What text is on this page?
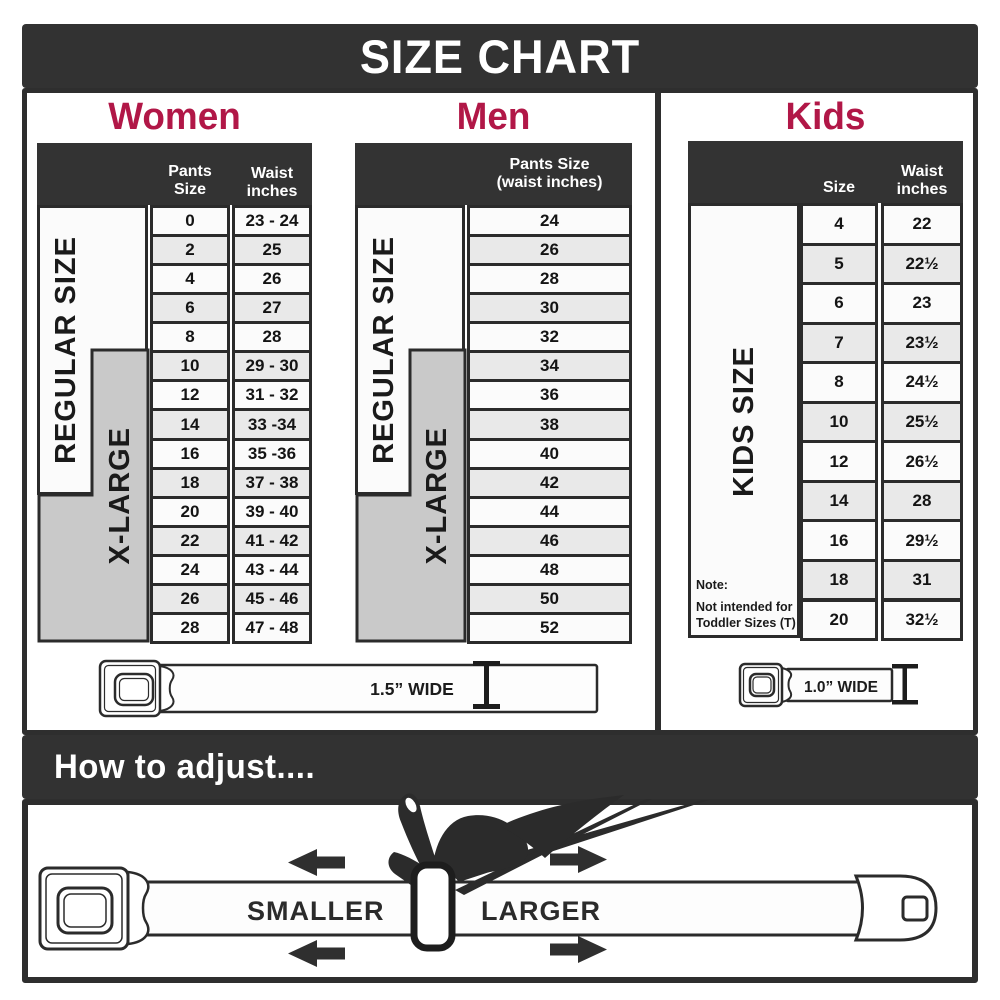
SIZE CHART
Women	Men	Kids
Pants Size
Waist
inches
REGULAR SIZE
X-LARGE
0	23 - 24
2	25
4	26
6	27
8	28
10	29 - 30
12	31 - 32
14	33 -34
16	35 -36
18	37 - 38
20	39 - 40
22	41 - 42
24	43 - 44
26	45 - 46
28	47 - 48
Pants Size
(waist inches)
REGULAR SIZE
X-LARGE
24
26
28
30
32
34
36
38
40
42
44
46
48
50
52
Size
Waist
inches
KIDS SIZE
Note:
Not intended for
Toddler Sizes (T)
4	22
5	22½
6	23
7	23½
8	24½
10	25½
12	26½
14	28
16	29½
18	31
20	32½
1.5” WIDE	1.0” WIDE
How to adjust....
SMALLER	LARGER
